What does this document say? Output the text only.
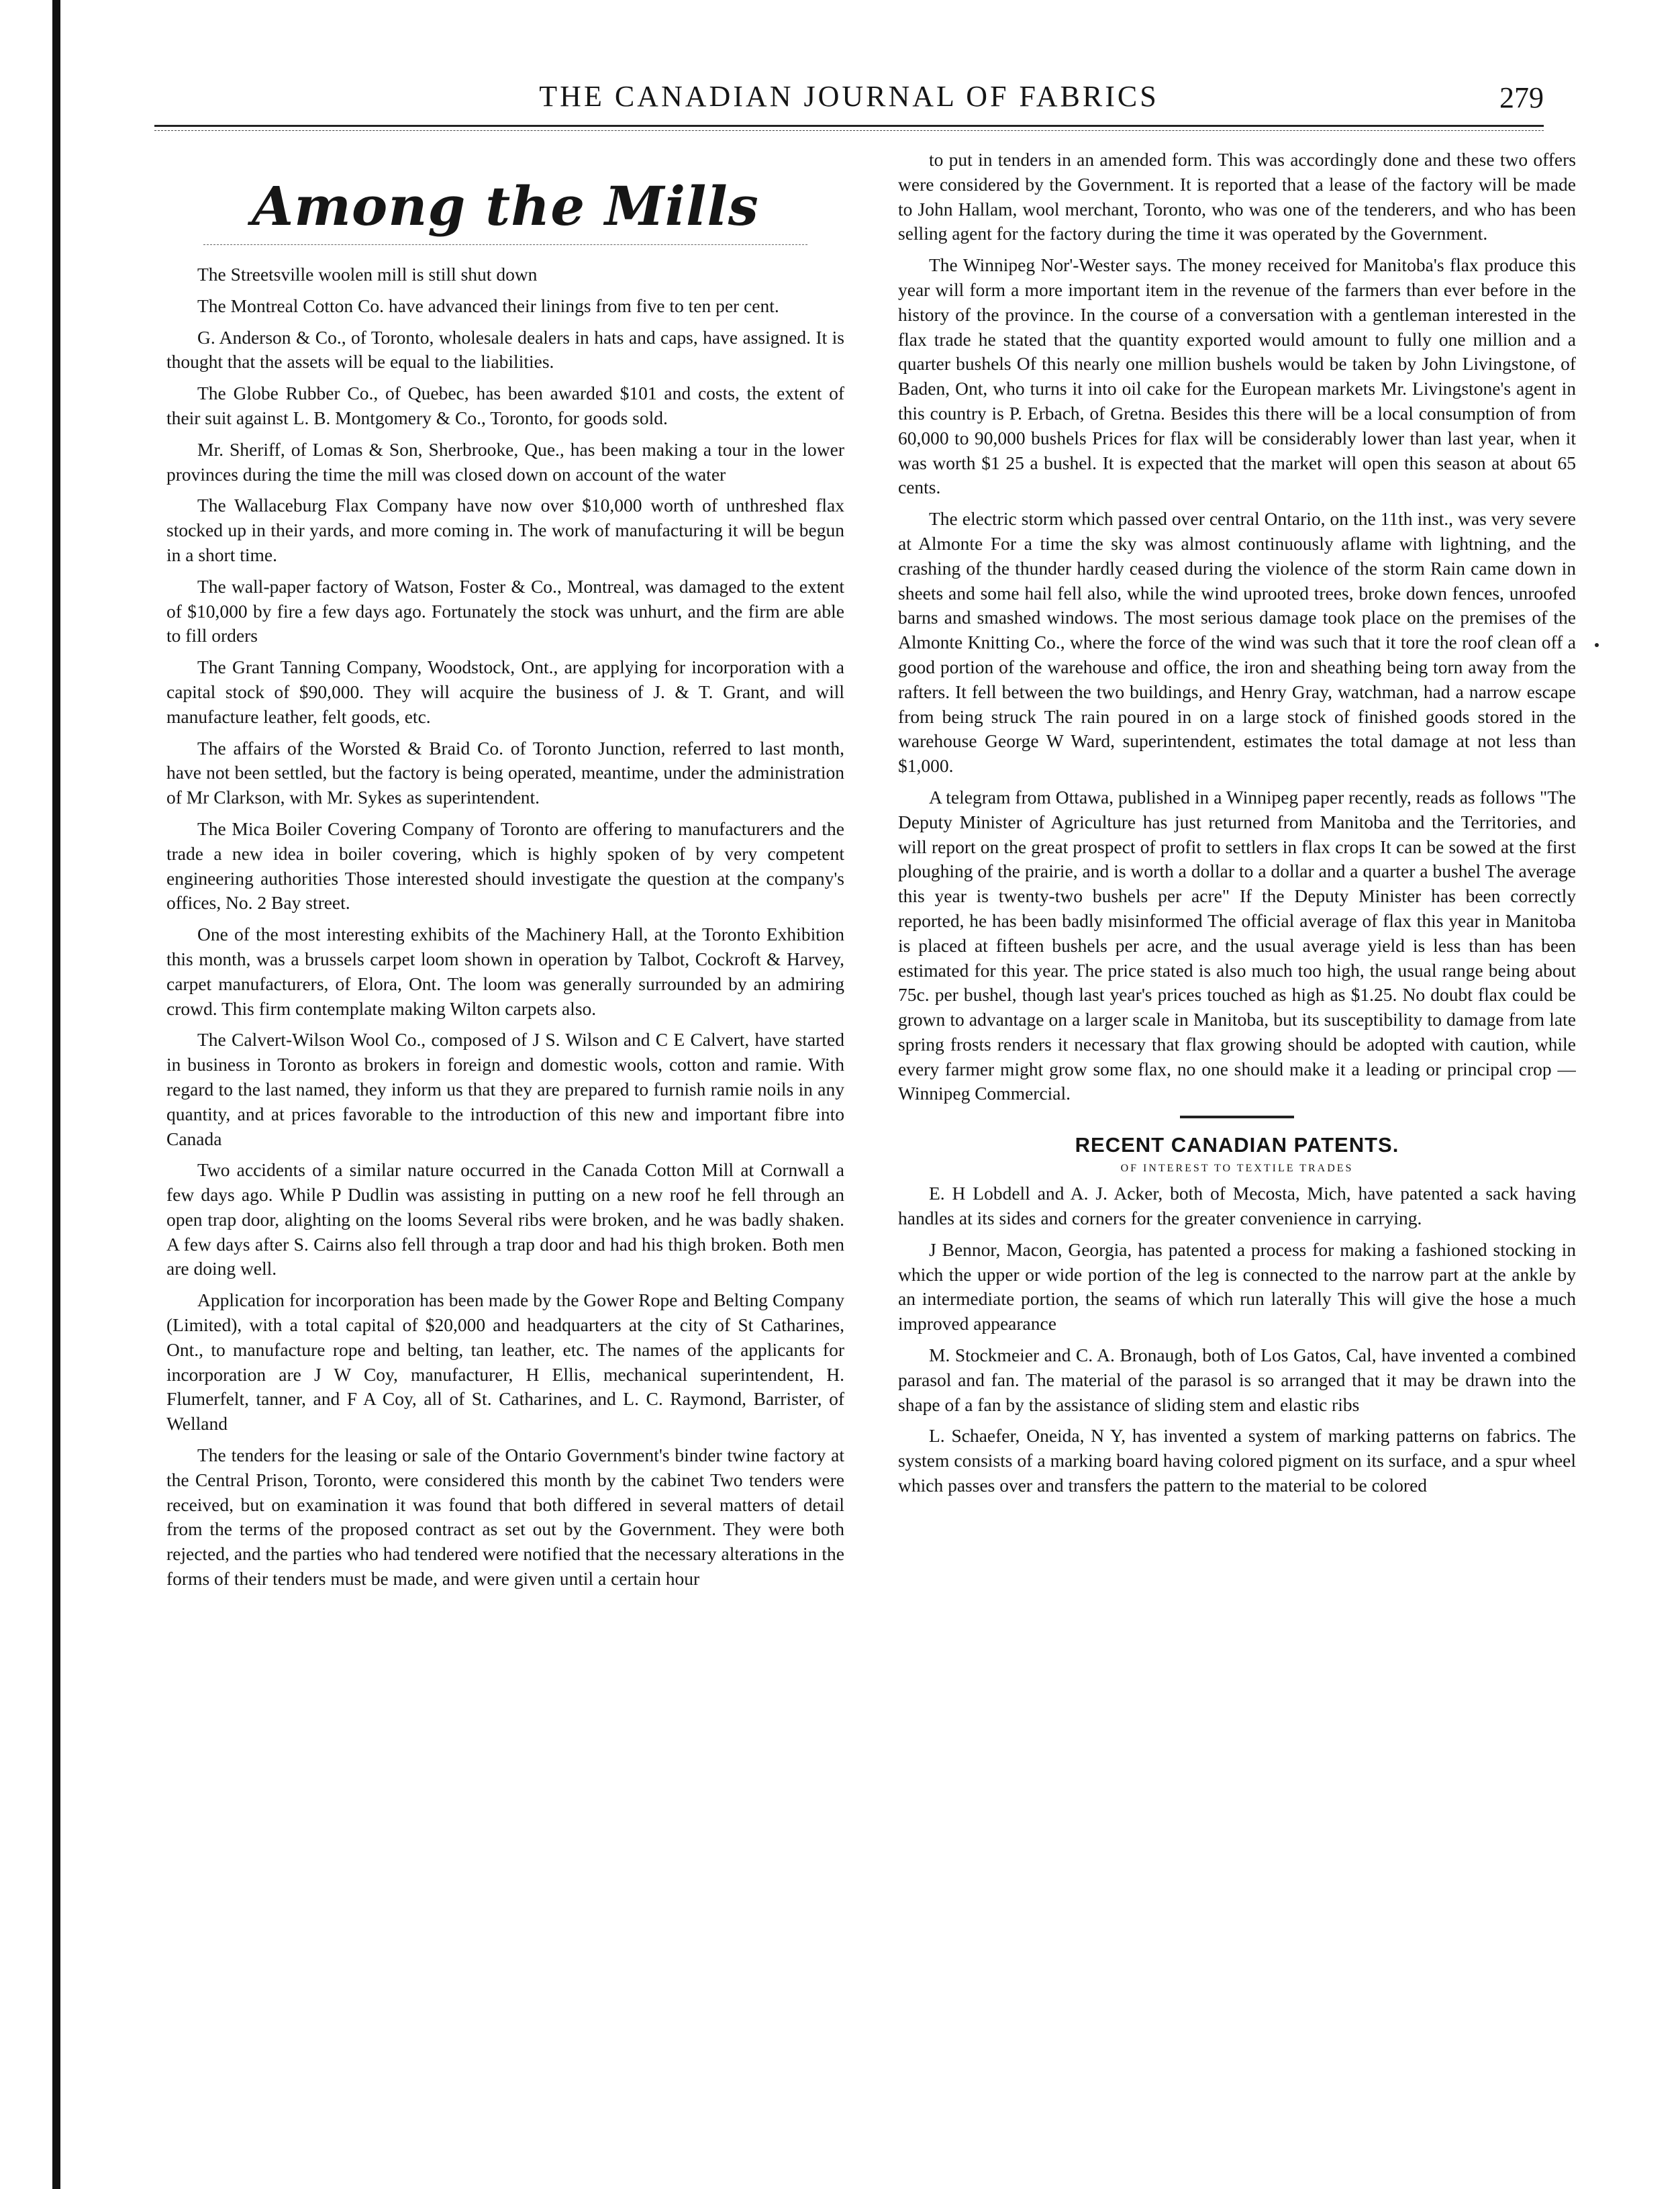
THE CANADIAN JOURNAL OF FABRICS	279
Among the Mills

The Streetsville woolen mill is still shut down

The Montreal Cotton Co. have advanced their linings from five to ten per cent.

G. Anderson & Co., of Toronto, wholesale dealers in hats and caps, have assigned. It is thought that the assets will be equal to the liabilities.

The Globe Rubber Co., of Quebec, has been awarded $101 and costs, the extent of their suit against L. B. Montgomery & Co., Toronto, for goods sold.

Mr. Sheriff, of Lomas & Son, Sherbrooke, Que., has been making a tour in the lower provinces during the time the mill was closed down on account of the water

The Wallaceburg Flax Company have now over $10,000 worth of unthreshed flax stocked up in their yards, and more coming in. The work of manufacturing it will be begun in a short time.

The wall-paper factory of Watson, Foster & Co., Montreal, was damaged to the extent of $10,000 by fire a few days ago. Fortunately the stock was unhurt, and the firm are able to fill orders

The Grant Tanning Company, Woodstock, Ont., are applying for incorporation with a capital stock of $90,000. They will acquire the business of J. & T. Grant, and will manufacture leather, felt goods, etc.

The affairs of the Worsted & Braid Co. of Toronto Junction, referred to last month, have not been settled, but the factory is being operated, meantime, under the administration of Mr Clarkson, with Mr. Sykes as superintendent.

The Mica Boiler Covering Company of Toronto are offering to manufacturers and the trade a new idea in boiler covering, which is highly spoken of by very competent engineering authorities Those interested should investigate the question at the company's offices, No. 2 Bay street.

One of the most interesting exhibits of the Machinery Hall, at the Toronto Exhibition this month, was a brussels carpet loom shown in operation by Talbot, Cockroft & Harvey, carpet manufacturers, of Elora, Ont. The loom was generally surrounded by an admiring crowd. This firm contemplate making Wilton carpets also.

The Calvert-Wilson Wool Co., composed of J S. Wilson and C E Calvert, have started in business in Toronto as brokers in foreign and domestic wools, cotton and ramie. With regard to the last named, they inform us that they are prepared to furnish ramie noils in any quantity, and at prices favorable to the introduction of this new and important fibre into Canada

Two accidents of a similar nature occurred in the Canada Cotton Mill at Cornwall a few days ago. While P Dudlin was assisting in putting on a new roof he fell through an open trap door, alighting on the looms Several ribs were broken, and he was badly shaken. A few days after S. Cairns also fell through a trap door and had his thigh broken. Both men are doing well.

Application for incorporation has been made by the Gower Rope and Belting Company (Limited), with a total capital of $20,000 and headquarters at the city of St Catharines, Ont., to manufacture rope and belting, tan leather, etc. The names of the applicants for incorporation are J W Coy, manufacturer, H Ellis, mechanical superintendent, H. Flumerfelt, tanner, and F A Coy, all of St. Catharines, and L. C. Raymond, Barrister, of Welland

The tenders for the leasing or sale of the Ontario Government's binder twine factory at the Central Prison, Toronto, were considered this month by the cabinet Two tenders were received, but on examination it was found that both differed in several matters of detail from the terms of the proposed contract as set out by the Government. They were both rejected, and the parties who had tendered were notified that the necessary alterations in the forms of their tenders must be made, and were given until a certain hour

to put in tenders in an amended form. This was accordingly done and these two offers were considered by the Government. It is reported that a lease of the factory will be made to John Hallam, wool merchant, Toronto, who was one of the tenderers, and who has been selling agent for the factory during the time it was operated by the Government.

The Winnipeg Nor'-Wester says. The money received for Manitoba's flax produce this year will form a more important item in the revenue of the farmers than ever before in the history of the province. In the course of a conversation with a gentleman interested in the flax trade he stated that the quantity exported would amount to fully one million and a quarter bushels Of this nearly one million bushels would be taken by John Livingstone, of Baden, Ont, who turns it into oil cake for the European markets Mr. Livingstone's agent in this country is P. Erbach, of Gretna. Besides this there will be a local consumption of from 60,000 to 90,000 bushels Prices for flax will be considerably lower than last year, when it was worth $1 25 a bushel. It is expected that the market will open this season at about 65 cents.

The electric storm which passed over central Ontario, on the 11th inst., was very severe at Almonte For a time the sky was almost continuously aflame with lightning, and the crashing of the thunder hardly ceased during the violence of the storm Rain came down in sheets and some hail fell also, while the wind uprooted trees, broke down fences, unroofed barns and smashed windows. The most serious damage took place on the premises of the Almonte Knitting Co., where the force of the wind was such that it tore the roof clean off a good portion of the warehouse and office, the iron and sheathing being torn away from the rafters. It fell between the two buildings, and Henry Gray, watchman, had a narrow escape from being struck The rain poured in on a large stock of finished goods stored in the warehouse George W Ward, superintendent, estimates the total damage at not less than $1,000.

A telegram from Ottawa, published in a Winnipeg paper recently, reads as follows "The Deputy Minister of Agriculture has just returned from Manitoba and the Territories, and will report on the great prospect of profit to settlers in flax crops It can be sowed at the first ploughing of the prairie, and is worth a dollar to a dollar and a quarter a bushel The average this year is twenty-two bushels per acre" If the Deputy Minister has been correctly reported, he has been badly misinformed The official average of flax this year in Manitoba is placed at fifteen bushels per acre, and the usual average yield is less than has been estimated for this year. The price stated is also much too high, the usual range being about 75c. per bushel, though last year's prices touched as high as $1.25. No doubt flax could be grown to advantage on a larger scale in Manitoba, but its susceptibility to damage from late spring frosts renders it necessary that flax growing should be adopted with caution, while every farmer might grow some flax, no one should make it a leading or principal crop —Winnipeg Commercial.

RECENT CANADIAN PATENTS.
OF INTEREST TO TEXTILE TRADES

E. H Lobdell and A. J. Acker, both of Mecosta, Mich, have patented a sack having handles at its sides and corners for the greater convenience in carrying.

J Bennor, Macon, Georgia, has patented a process for making a fashioned stocking in which the upper or wide portion of the leg is connected to the narrow part at the ankle by an intermediate portion, the seams of which run laterally This will give the hose a much improved appearance

M. Stockmeier and C. A. Bronaugh, both of Los Gatos, Cal, have invented a combined parasol and fan. The material of the parasol is so arranged that it may be drawn into the shape of a fan by the assistance of sliding stem and elastic ribs

L. Schaefer, Oneida, N Y, has invented a system of marking patterns on fabrics. The system consists of a marking board having colored pigment on its surface, and a spur wheel which passes over and transfers the pattern to the material to be colored
